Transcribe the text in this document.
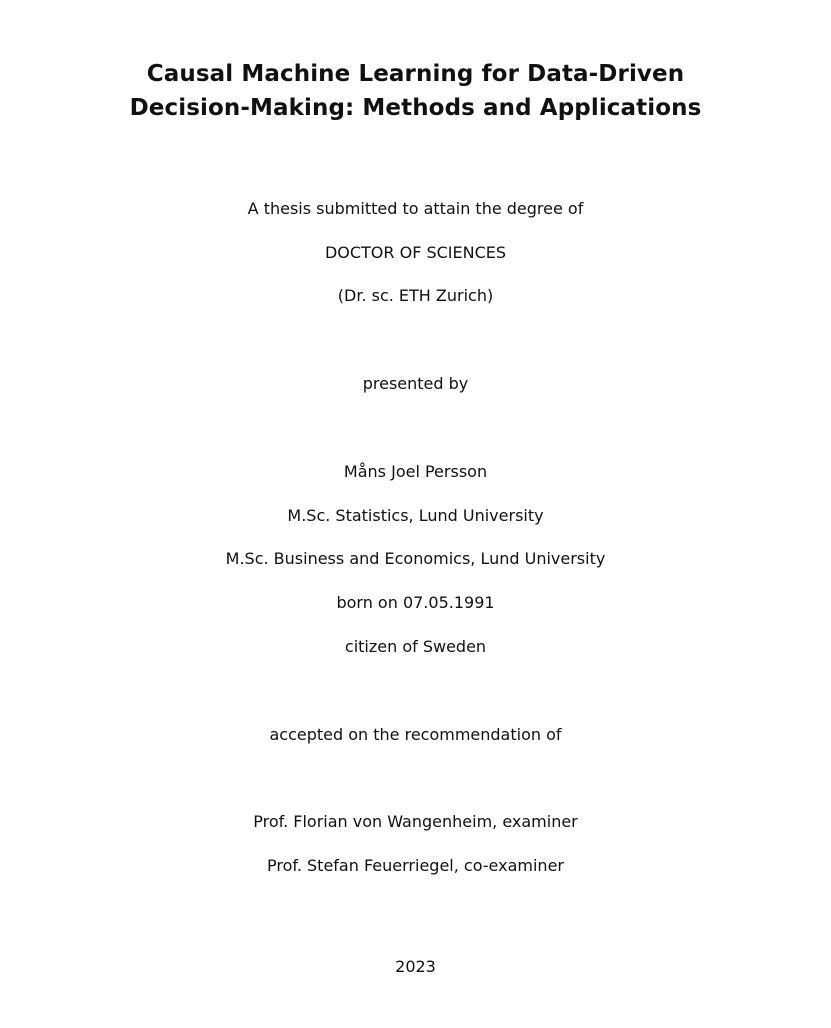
Causal Machine Learning for Data-Driven
Decision-Making: Methods and Applications
A thesis submitted to attain the degree of
DOCTOR OF SCIENCES
(Dr. sc. ETH Zurich)
presented by
Måns Joel Persson
M.Sc. Statistics, Lund University
M.Sc. Business and Economics, Lund University
born on 07.05.1991
citizen of Sweden
accepted on the recommendation of
Prof. Florian von Wangenheim, examiner
Prof. Stefan Feuerriegel, co-examiner
2023
